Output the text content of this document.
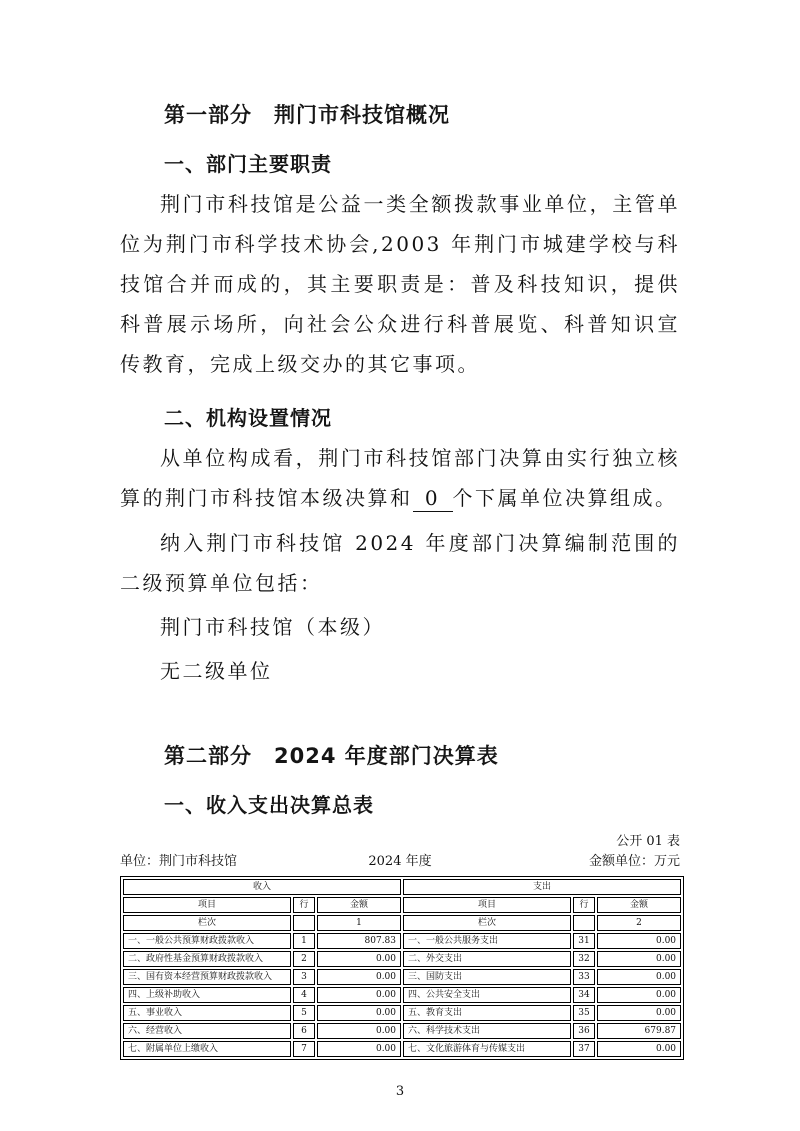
第一部分　荆门市科技馆概况
一、部门主要职责

荆门市科技馆是公益一类全额拨款事业单位，主管单位为荆门市科学技术协会,2003 年荆门市城建学校与科技馆合并而成的，其主要职责是：普及科技知识，提供科普展示场所，向社会公众进行科普展览、科普知识宣传教育，完成上级交办的其它事项。

二、机构设置情况

从单位构成看，荆门市科技馆部门决算由实行独立核算的荆门市科技馆本级决算和 0 个下属单位决算组成。

纳入荆门市科技馆 2024 年度部门决算编制范围的二级预算单位包括：

荆门市科技馆（本级）

无二级单位

第二部分　2024 年度部门决算表
一、收入支出决算总表
公开 01 表
单位：荆门市科技馆	2024 年度	金额单位：万元
收入			支出		
项目	行	金额	项目	行	金额
栏次		1	栏次		2
一、一般公共预算财政拨款收入	1	807.83	一、一般公共服务支出	31	0.00
二、政府性基金预算财政拨款收入	2	0.00	二、外交支出	32	0.00
三、国有资本经营预算财政拨款收入	3	0.00	三、国防支出	33	0.00
四、上级补助收入	4	0.00	四、公共安全支出	34	0.00
五、事业收入	5	0.00	五、教育支出	35	0.00
六、经营收入	6	0.00	六、科学技术支出	36	679.87
七、附属单位上缴收入	7	0.00	七、文化旅游体育与传媒支出	37	0.00
3
